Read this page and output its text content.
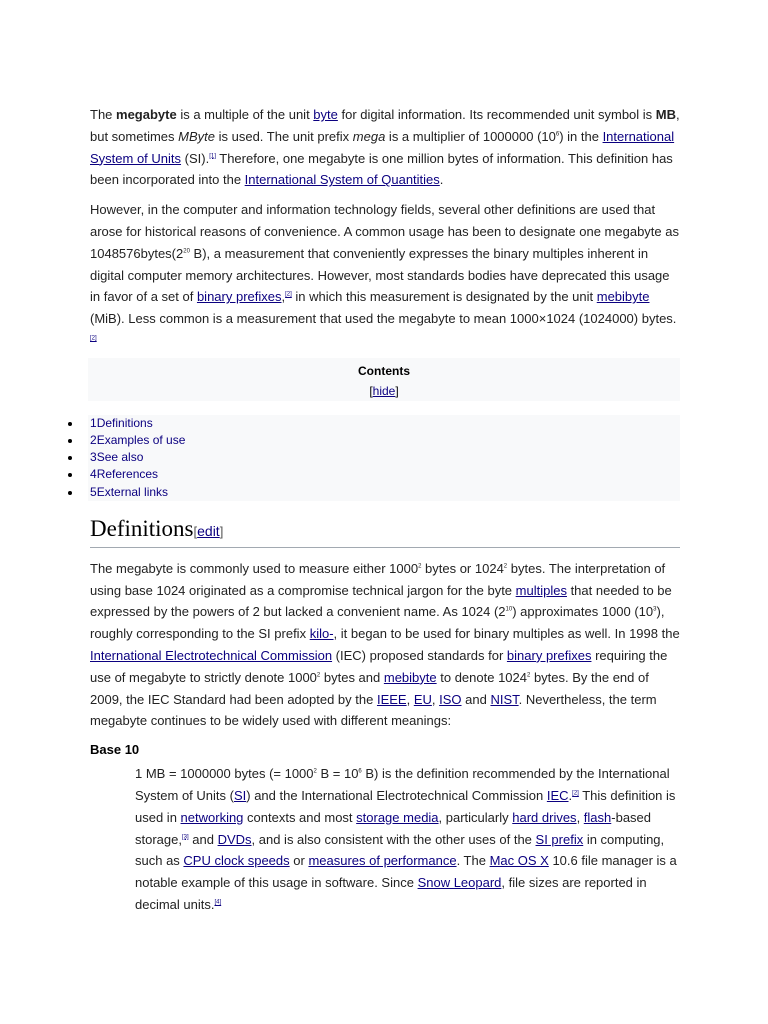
The megabyte is a multiple of the unit byte for digital information. Its recommended unit symbol is MB, but sometimes MByte is used. The unit prefix mega is a multiplier of 1000000 $(10^6)$ in the International System of Units (SI).[1] Therefore, one megabyte is one million bytes of information. This definition has been incorporated into the International System of Quantities.

However, in the computer and information technology fields, several other definitions are used that arose for historical reasons of convenience. A common usage has been to designate one megabyte as $1048576bytes(2^{20}$ B), a measurement that conveniently expresses the binary multiples inherent in digital computer memory architectures. However, most standards bodies have deprecated this usage in favor of a set of binary prefixes,[2] in which this measurement is designated by the unit mebibyte (MiB). Less common is a measurement that used the megabyte to mean 1000×1024 (1024000) bytes.[2]

Contents
[hide]
1Definitions
2Examples of use
3See also
4References
5External links
Definitions[edit]

The megabyte is commonly used to measure either 1000$^2$ bytes or 1024$^2$ bytes. The interpretation of using base 1024 originated as a compromise technical jargon for the byte multiples that needed to be expressed by the powers of 2 but lacked a convenient name. As 1024 $(2^{10})$ approximates 1000 $(10^3)$, roughly corresponding to the SI prefix kilo-, it began to be used for binary multiples as well. In 1998 the International Electrotechnical Commission (IEC) proposed standards for binary prefixes requiring the use of megabyte to strictly denote 1000$^2$ bytes and mebibyte to denote 1024$^2$ bytes. By the end of 2009, the IEC Standard had been adopted by the IEEE, EU, ISO and NIST. Nevertheless, the term megabyte continues to be widely used with different meanings:

Base 10

1 MB = 1000000 bytes (= $1000^2$ $B = 10^6$ B) is the definition recommended by the International System of Units (SI) and the International Electrotechnical Commission IEC.[2] This definition is used in networking contexts and most storage media, particularly hard drives, flash-based storage,[3] and DVDs, and is also consistent with the other uses of the SI prefix in computing, such as CPU clock speeds or measures of performance. The Mac OS X 10.6 file manager is a notable example of this usage in software. Since Snow Leopard, file sizes are reported in decimal units.[4]
